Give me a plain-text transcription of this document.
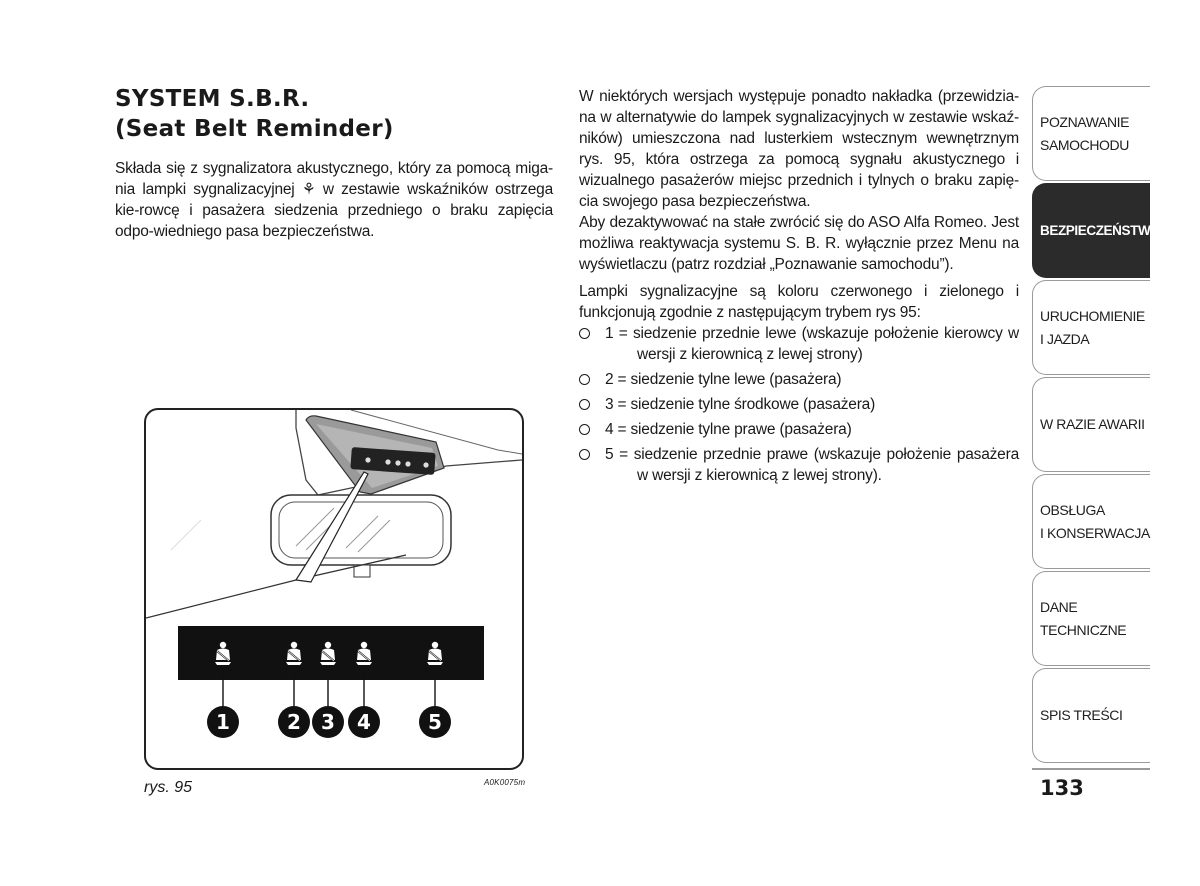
SYSTEM S.B.R.
(Seat Belt Reminder)

Składa się z sygnalizatora akustycznego, który za pomocą miga-nia lampki sygnalizacyjnej ⚘ w zestawie wskaźników ostrzega kie-rowcę i pasażera siedzenia przedniego o braku zapięcia odpo-wiedniego pasa bezpieczeństwa.

1	2 3 4	5
rys. 95	A0K0075m

W niektórych wersjach występuje ponadto nakładka (przewidzia-na w alternatywie do lampek sygnalizacyjnych w zestawie wskaź-ników) umieszczona nad lusterkiem wstecznym wewnętrznym rys. 95, która ostrzega za pomocą sygnału akustycznego i wizualnego pasażerów miejsc przednich i tylnych o braku zapię-cia swojego pasa bezpieczeństwa.

Aby dezaktywować na stałe zwrócić się do ASO Alfa Romeo. Jest możliwa reaktywacja systemu S. B. R. wyłącznie przez Menu na wyświetlaczu (patrz rozdział „Poznawanie samochodu”).

Lampki sygnalizacyjne są koloru czerwonego i zielonego i funkcjonują zgodnie z następującym trybem rys 95:

1 = siedzenie przednie lewe (wskazuje położenie kierowcy w wersji z kierownicą z lewej strony)
2 = siedzenie tylne lewe (pasażera)
3 = siedzenie tylne środkowe (pasażera)
4 = siedzenie tylne prawe (pasażera)
5 = siedzenie przednie prawe (wskazuje położenie pasażera w wersji z kierownicą z lewej strony).
POZNAWANIE
SAMOCHODU
BEZPIECZEŃSTWO
URUCHOMIENIE
I JAZDA
W RAZIE AWARII
OBSŁUGA
I KONSERWACJA
DANE
TECHNICZNE
SPIS TREŚCI
133
